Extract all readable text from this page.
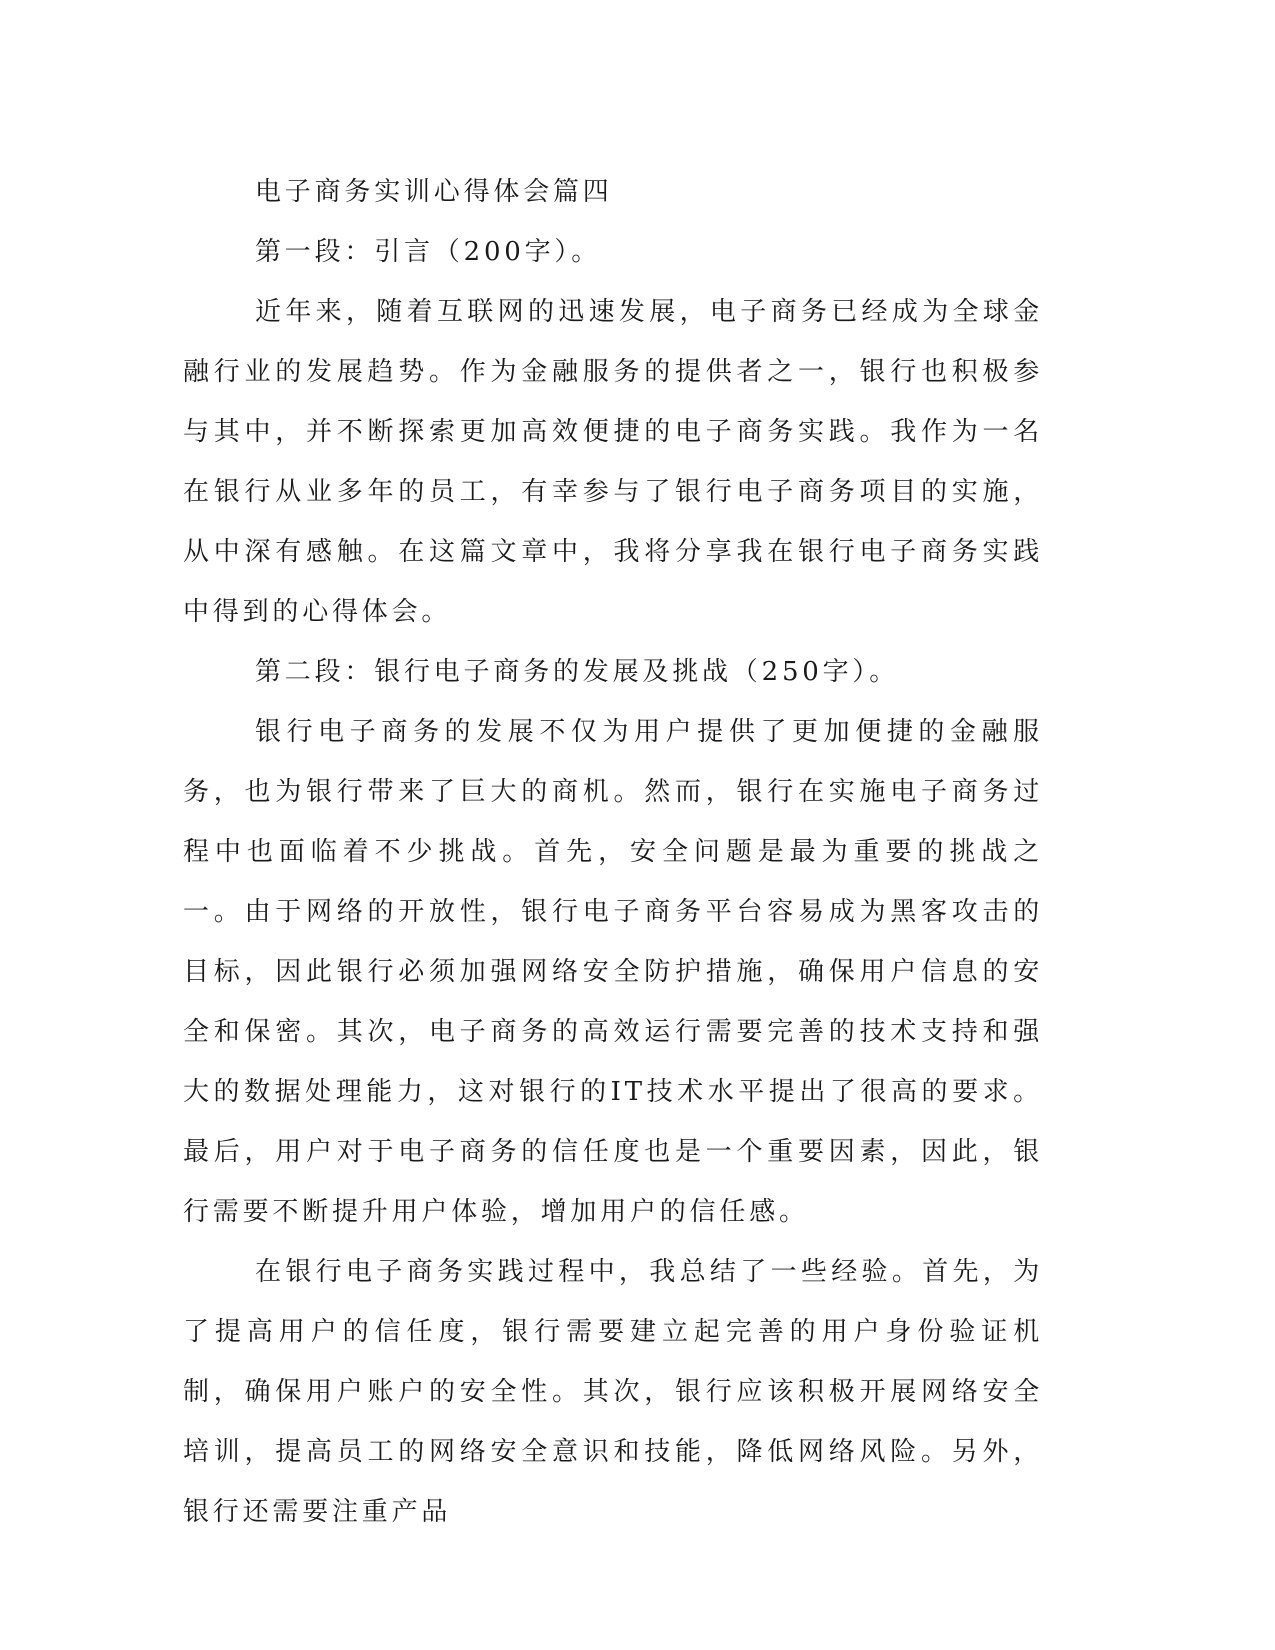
电子商务实训心得体会篇四

第一段：引言（200字）。

近年来，随着互联网的迅速发展，电子商务已经成为全球金融行业的发展趋势。作为金融服务的提供者之一，银行也积极参与其中，并不断探索更加高效便捷的电子商务实践。我作为一名在银行从业多年的员工，有幸参与了银行电子商务项目的实施，从中深有感触。在这篇文章中，我将分享我在银行电子商务实践中得到的心得体会。

第二段：银行电子商务的发展及挑战（250字）。

银行电子商务的发展不仅为用户提供了更加便捷的金融服务，也为银行带来了巨大的商机。然而，银行在实施电子商务过程中也面临着不少挑战。首先，安全问题是最为重要的挑战之一。由于网络的开放性，银行电子商务平台容易成为黑客攻击的目标，因此银行必须加强网络安全防护措施，确保用户信息的安全和保密。其次，电子商务的高效运行需要完善的技术支持和强大的数据处理能力，这对银行的IT技术水平提出了很高的要求。最后，用户对于电子商务的信任度也是一个重要因素，因此，银行需要不断提升用户体验，增加用户的信任感。

在银行电子商务实践过程中，我总结了一些经验。首先，为了提高用户的信任度，银行需要建立起完善的用户身份验证机制，确保用户账户的安全性。其次，银行应该积极开展网络安全培训，提高员工的网络安全意识和技能，降低网络风险。另外，银行还需要注重产品
